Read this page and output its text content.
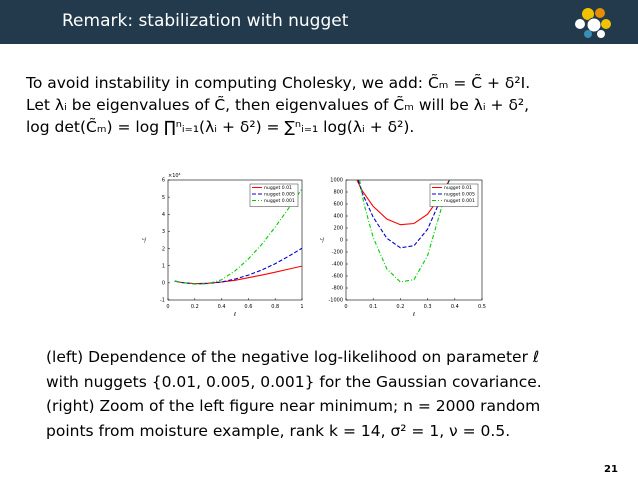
Remark: stabilization with nugget
To avoid instability in computing Cholesky, we add: C̃ₘ = C̃ + δ²I.
Let λᵢ be eigenvalues of C̃, then eigenvalues of C̃ₘ will be λᵢ + δ²,
log det(C̃ₘ) = log ∏ⁿᵢ₌₁(λᵢ + δ²) = ∑ⁿᵢ₌₁ log(λᵢ + δ²).
0	0.2	0.4	0.6	0.8	1
-1
0
1
2
3
4
5
6
ℓ
-ℒ
×10⁴
nugget 0.01
nugget 0.005
nugget 0.001
0	0.1	0.2	0.3	0.4	0.5
-1000
-800
-600
-400
-200
0
200
400
600
800
1000
ℓ
-ℒ
nugget 0.01
nugget 0.005
nugget 0.001
(left) Dependence of the negative log-likelihood on parameter ℓ
with nuggets {0.01, 0.005, 0.001} for the Gaussian covariance.
(right) Zoom of the left figure near minimum; n = 2000 random
points from moisture example, rank k = 14, σ² = 1, ν = 0.5.
21
